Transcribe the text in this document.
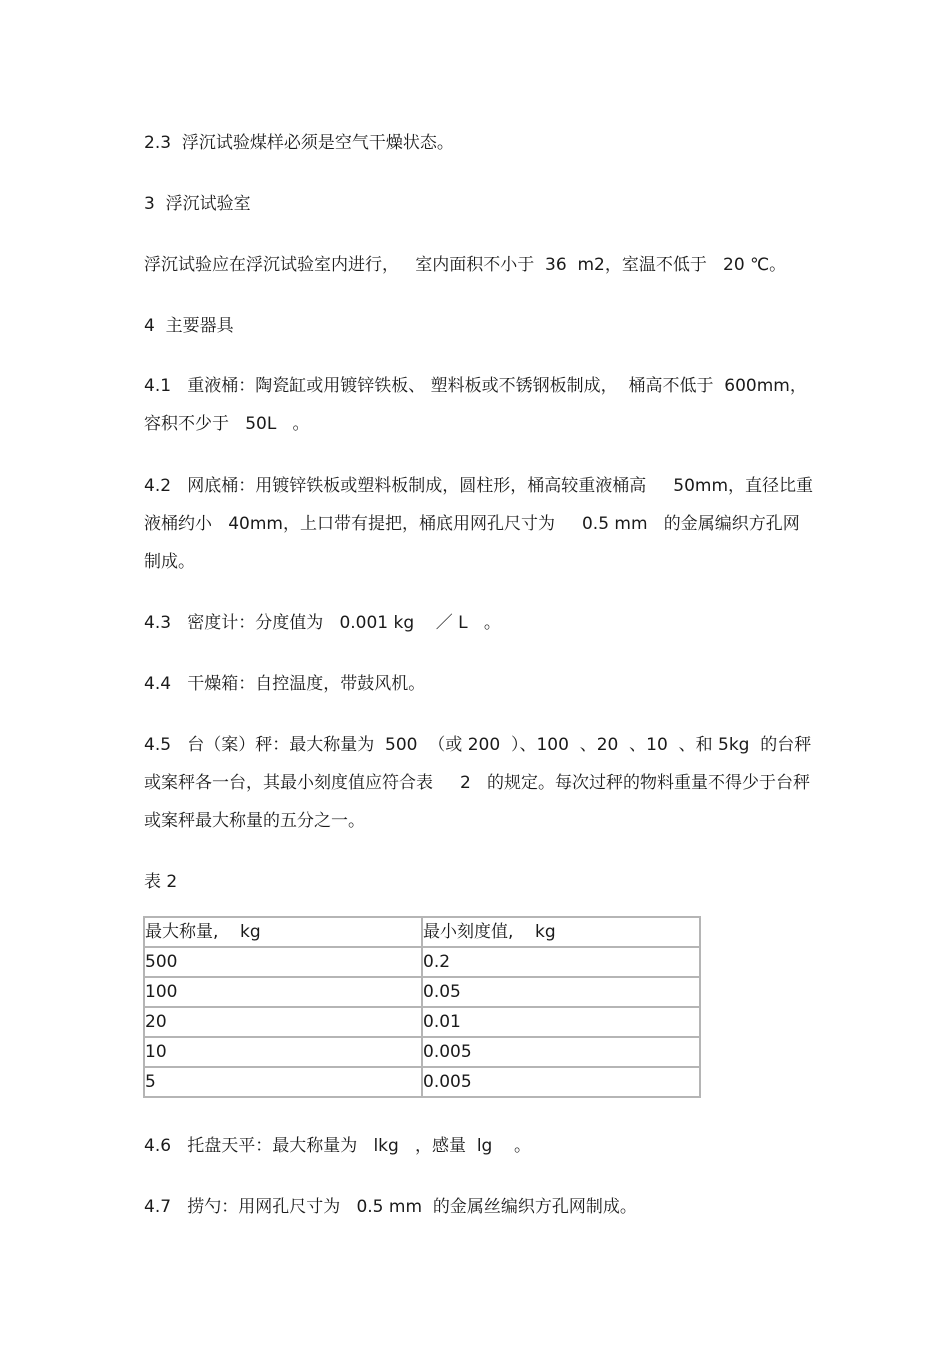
2.3  浮沉试验煤样必须是空气干燥状态。

3  浮沉试验室

浮沉试验应在浮沉试验室内进行，   室内面积不小于  36  m2，室温不低于   20 ℃。

4  主要器具

4.1   重液桶：陶瓷缸或用镀锌铁板、 塑料板或不锈钢板制成，  桶高不低于  600mm，容积不少于   50L   。

4.2   网底桶：用镀锌铁板或塑料板制成，圆柱形，桶高较重液桶高     50mm，直径比重液桶约小   40mm，上口带有提把，桶底用网孔尺寸为     0.5 mm   的金属编织方孔网制成。

4.3   密度计：分度值为   0.001 kg    ／ L   。

4.4   干燥箱：自控温度，带鼓风机。

4.5   台（案）秤：最大称量为  500  （或 200  ）、100  、20  、10  、和 5kg  的台秤或案秤各一台，其最小刻度值应符合表     2   的规定。每次过秤的物料重量不得少于台秤或案秤最大称量的五分之一。

表 2

最大称量,    kg	最小刻度值,    kg
500	0.2
100	0.05
20	0.01
10	0.005
5	0.005

4.6   托盘天平：最大称量为   lkg   ，感量  lg    。

4.7   捞勺：用网孔尺寸为   0.5 mm  的金属丝编织方孔网制成。
